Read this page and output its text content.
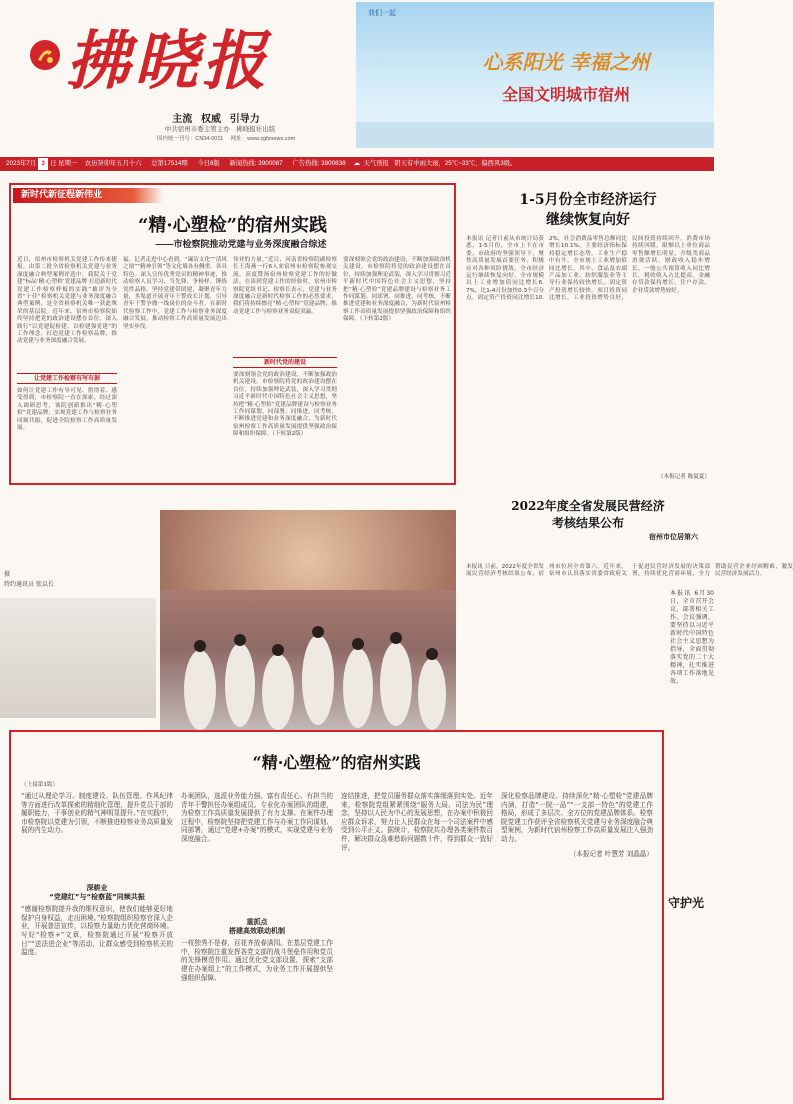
拂晓报
主流 权威 引导力
中共宿州市委主管主办　拂晓报社出版
国内统一刊号：CN34-0011 网址：www.zgfxnews.com
我们一起
心系阳光 幸福之州
全国文明城市宿州
2023年7月 3 日 星期一 农历癸卯年五月十六 总第17514期 今日8版 新闻热线: 3900087 广告热线: 3900838 ☁ 天气预报 阴天有中雨大雨，25℃~33℃，偏西风3级。
新时代新征程新伟业
“精·心塑检”的宿州实践
——市检察院推动党建与业务深度融合综述
近日，宿州市检察机关党建工作传来捷报。由第二批全省检察机关党建与业务深度融合典型案例评选中，我院关于党建“标品‘精·心塑检’党建品牌 打造新时代党建工作检察样板的实践”被评为全省“十佳”检察机关党建与业务深度融合典型案例，是全省检察机关唯一获此殊荣的基层院。近年来，宿州市检察院始终坚持把党的政治建设摆在首位，深入践行“以党建促检建、以检建强党建”的工作理念，打造党建工作检察品牌，推动党建与业务深度融合发展。
让党建工作检察有写有据
如何让党建工作有导可见、措得着、感受得到，市检察院一直在探索。经过深入调研思考，该院创新推出“精·心塑检”党建品牌，实现党建工作与检察业务同频共振，促进全院检察工作高质量发展。
福。记者走进中心看到，“廉洁文化”“清风之窗”“精神引领”等文化墙各有侧重，各具特色。深入宣传优秀党员的精神事迹，推动检察人员学习、当先锋、争榜样，锤炼党性品格。坚持党建带团建，凝聚青年力量，多渠道开展青年干警成长计划，引导青年干警争做一线岗位的奋斗者。在新时代检察工作中，党建工作与检察业务深度融合发展，推动检察工作高质量发展迈出坚实步伐。
伟业的力量。”近日，河南省检察院副检察长王海燕一行6人来宿州市检察院参观交流，高度赞扬宿州检察党建工作的好做法。在谈到党建工作的经验时，宿州市检察院党组书记、检察长表示，党建与业务深度融合是新时代检察工作的必然要求，我们将持续擦亮“精·心塑检”党建品牌，推动党建工作与检察业务双促双赢。
新时代党的建设
要深刻领会党的政治建设，不断加强政治机关建设。市检察院将党的政治建设摆在首位，持续加强理论武装，深入学习贯彻习近平新时代中国特色社会主义思想，坚持把“精·心塑检”党建品牌建设与检察业务工作同谋划、同部署、同推进、同考核，不断推进党建和业务深度融合，为新时代宿州检察工作高质量发展提供坚强政治保障和组织保障。（下转第2版）
要深刻领会党的政治建设，不断加强政治机关建设。市检察院将党的政治建设摆在首位，持续加强理论武装，深入学习贯彻习近平新时代中国特色社会主义思想，坚持把“精·心塑检”党建品牌建设与检察业务工作同谋划、同部署、同推进、同考核，不断推进党建和业务深度融合，为新时代宿州检察工作高质量发展提供坚强政治保障和组织保障。（下转第2版）
1-5月份全市经济运行
继续恢复向好
本报讯 记者日前从市统计局获悉，1-5月份，全市上下在市委、市政府的坚强领导下，聚焦高质量发展首要任务，积极应对各种风险挑战，全市经济运行继续恢复向好。全市规模以上工业增加值同比增长6.7%，比1-4月份加快0.3个百分点。固定资产投资同比增长10.2%，社会消费品零售总额同比增长10.1%，主要经济指标保持稳定增长态势。工业生产稳中有升。全市规上工业增加值同比增长，其中，食品及农副产品加工业、纺织服装业等主导行业保持较快增长。固定资产投资增长较快。项目投资同比增长，工业投资增势良好，民间投资持续回升。消费市场持续回暖，限额以上单位商品零售额增长明显，升级类商品消费活跃。财政收入稳步增长，一般公共预算收入同比增长，税收收入占比提高。金融存贷款保持增长，住户存款、企业贷款增势较好。
（本报记者 陈夏夏）
2022年度全省发展民营经济
考核结果公布
宿州市位居第六
本报讯 日前，2022年度全省发展民营经济考核结果公布，宿州市位居全省第六。近年来，宿州市认真落实省委省政府关于促进民营经济发展的决策部署，持续优化营商环境，全力帮助民营企业纾困解难，激发民营经济发展活力。
特约通讯员 张以长
摄
“精·心塑检”的宿州实践
（上接第1版）
“通过从理论学习、制度建设、队伍管理、作风纪律等方面进行改革探索的精细化管理，提升党员干部的履职能力，干事创业的精气神明显提升。”在实践中，市检察院以党建为引领，不断推进检察业务高质量发展的内生动力。
深耕业
“党建红”与“检察蓝”同频共振
“感谢检察院提升我的维权意识，使我们能够更好地保护自身权益，走出困境。”检察院组织检察官深入企业，开展普法宣传，以检察力量助力优化营商环境。写好“检察+”文章，检察院通过开展“检察开放日”“送法进企业”等活动，让群众感受到检察机关的温度。
办案团队，选派业务能力强、富有责任心、有担当的青年干警担任办案组成员。专业化办案团队的组建，为检察工作高质量发展提供了有力支撑。在案件办理过程中，检察院坚持把党建工作与办案工作同谋划、同部署，通过“党建+办案”的模式，实现党建与业务深度融合。
重抓点
搭建高效联动机制
一枝独秀不是春，百花齐放春满园。在基层党建工作中，检察院注重发挥各党支部的战斗堡垒作用和党员的先锋模范作用。通过优化党支部设置，探索“支部建在办案组上”的工作模式，为业务工作开展提供坚强组织保障。
连结推进，把党员服务群众落实落细落到实处。近年来，检察院党组紧紧围绕“服务大局、司法为民”理念，坚持以人民为中心的发展思想，在办案中积极回应群众诉求，努力让人民群众在每一个司法案件中感受到公平正义。据统计，检察院共办理各类案件数百件，解决群众急难愁盼问题数十件，得到群众一致好评。
深化检察品牌建设。持续深化“精·心塑检”党建品牌内涵，打造“一院一品”“一支部一特色”的党建工作格局，形成了多层次、全方位的党建品牌体系。检察院党建工作获评全省检察机关党建与业务深度融合典型案例，为新时代宿州检察工作高质量发展注入强劲动力。
（本报记者 叶慧芳 刘晶晶）
本报讯 6月30日，全市召开会议，部署相关工作。会议强调，要坚持以习近平新时代中国特色社会主义思想为指导，全面贯彻落实党的二十大精神，扎实推进各项工作落地见效。
守护光
